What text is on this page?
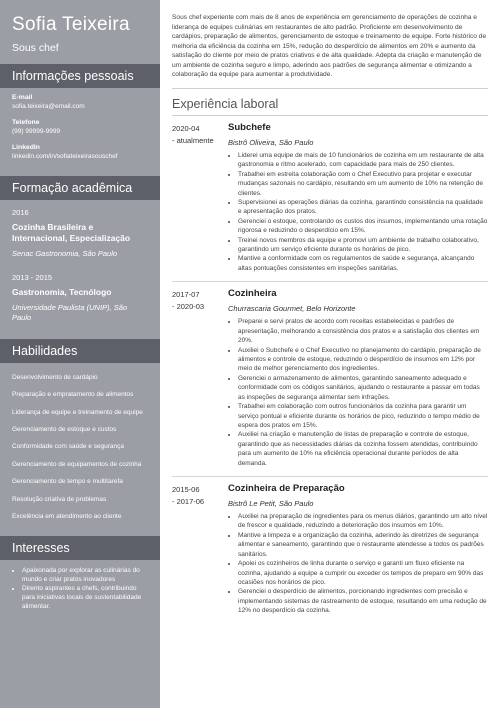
Sofia Teixeira
Sous chef
Informações pessoais
E-mail
sofia.teixeira@email.com
Telefone
(99) 99999-9999
LinkedIn
linkedin.com/in/sofiateixeirasouschef
Formação acadêmica
2016
Cozinha Brasileira e Internacional, Especialização
Senac Gastronomia, São Paulo
2013 - 2015
Gastronomia, Tecnólogo
Universidade Paulista (UNIP), São Paulo
Habilidades
Desenvolvimento de cardápio
Preparação e empratamento de alimentos
Liderança de equipe e treinamento de equipe
Gerenciamento de estoque e custos
Conformidade com saúde e segurança
Gerenciamento de equipamentos de cozinha
Gerenciamento de tempo e multitarefa
Resolução criativa de problemas
Excelência em atendimento ao cliente
Interesses
• Apaixonada por explorar as culinárias do mundo e criar pratos inovadores
• Dirento aspirantes a chefs, contribuindo para iniciativas locais de sustentabilidade alimentar.
Sous chef experiente com mais de 8 anos de experiência em gerenciamento de operações de cozinha e liderança de equipes culinárias em restaurantes de alto padrão. Proficiente em desenvolvimento de cardápios, preparação de alimentos, gerenciamento de estoque e treinamento de equipe. Forte histórico de melhoria da eficiência da cozinha em 15%, redução do desperdício de alimentos em 20% e aumento da satisfação do cliente por meio de pratos criativos e de alta qualidade. Adepta da criação e manutenção de um ambiente de cozinha seguro e limpo, aderindo aos padrões de segurança alimentar e otimizando a colaboração da equipe para aumentar a produtividade.
Experiência laboral
2020-04
- atualmente
Subchefe
Bistrô Oliveira, São Paulo
• Liderei uma equipe de mais de 10 funcionários de cozinha em um restaurante de alta gastronomia e ritmo acelerado, com capacidade para mais de 250 clientes.
• Trabalhei em estreita colaboração com o Chef Executivo para projetar e executar mudanças sazonais no cardápio, resultando em um aumento de 10% na retenção de clientes.
• Supervisionei as operações diárias da cozinha, garantindo consistência na qualidade e apresentação dos pratos.
• Gerenciei o estoque, controlando os custos dos insumos, implementando uma rotação rigorosa e reduzindo o desperdício em 15%.
• Treinei novos membros da equipe e promovi um ambiente de trabalho colaborativo, garantindo um serviço eficiente durante os horários de pico.
• Mantive a conformidade com os regulamentos de saúde e segurança, alcançando altas pontuações consistentes em inspeções sanitárias.
2017-07
- 2020-03
Cozinheira
Churrascaria Gourmet, Belo Horizonte
• Preparei e servi pratos de acordo com receitas estabelecidas e padrões de apresentação, melhorando a consistência dos pratos e a satisfação dos clientes em 20%.
• Auxiliei o Subchefe e o Chef Executivo no planejamento do cardápio, preparação de alimentos e controle de estoque, reduzindo o desperdício de insumos em 12% por meio de melhor gerenciamento dos ingredientes.
• Gerenciei o armazenamento de alimentos, garantindo saneamento adequado e conformidade com os códigos sanitários, ajudando o restaurante a passar em todas as inspeções de segurança alimentar sem infrações.
• Trabalhei em colaboração com outros funcionários da cozinha para garantir um serviço pontual e eficiente durante os horários de pico, reduzindo o tempo médio de espera dos pratos em 15%.
• Auxiliei na criação e manutenção de listas de preparação e controle de estoque, garantindo que as necessidades diárias da cozinha fossem atendidas, contribuindo para um aumento de 10% na eficiência operacional durante períodos de alta demanda.
2015-06
- 2017-06
Cozinheira de Preparação
Bistrô Le Petit, São Paulo
• Auxiliei na preparação de ingredientes para os menus diários, garantindo um alto nível de frescor e qualidade, reduzindo a deterioração dos insumos em 10%.
• Mantive a limpeza e a organização da cozinha, aderindo às diretrizes de segurança alimentar e saneamento, garantindo que o restaurante atendesse a todos os padrões sanitários.
• Apoiei os cozinheiros de linha durante o serviço e garanti um fluxo eficiente na cozinha, ajudando a equipe a cumprir ou exceder os tempos de preparo em 90% das ocasiões nos horários de pico.
• Gerenciei o desperdício de alimentos, porcionando ingredientes com precisão e implementando sistemas de rastreamento de estoque, resultando em uma redução de 12% no desperdício da cozinha.
